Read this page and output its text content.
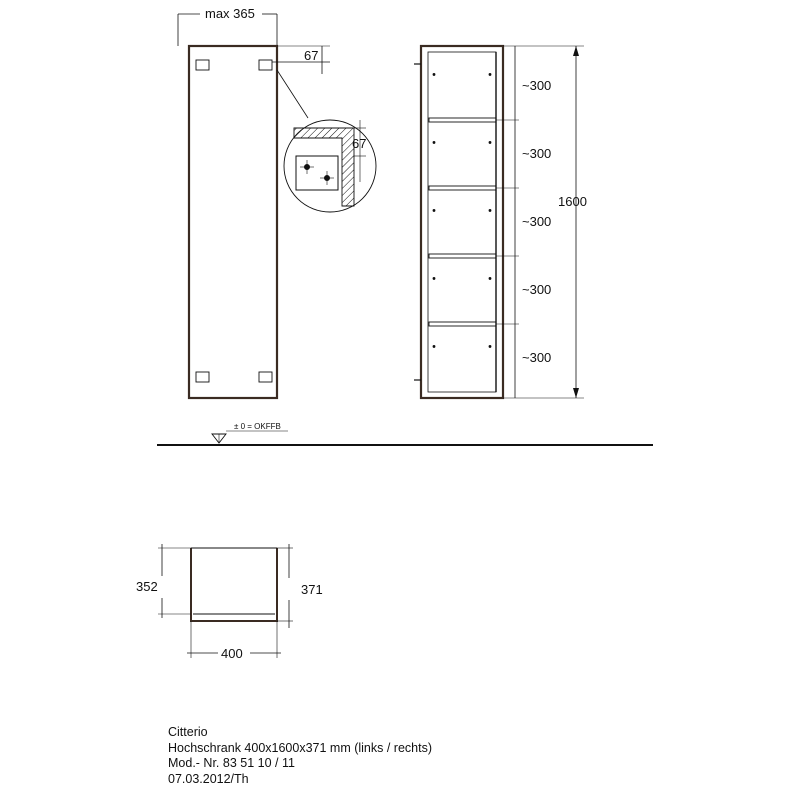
~300
~300
~300
~300
~300
max 365
67
67
1600
± 0 = OKFFB
352	371
400
Citterio
Hochschrank 400x1600x371 mm (links / rechts)
Mod.- Nr. 83 51 10 / 11
07.03.2012/Th
